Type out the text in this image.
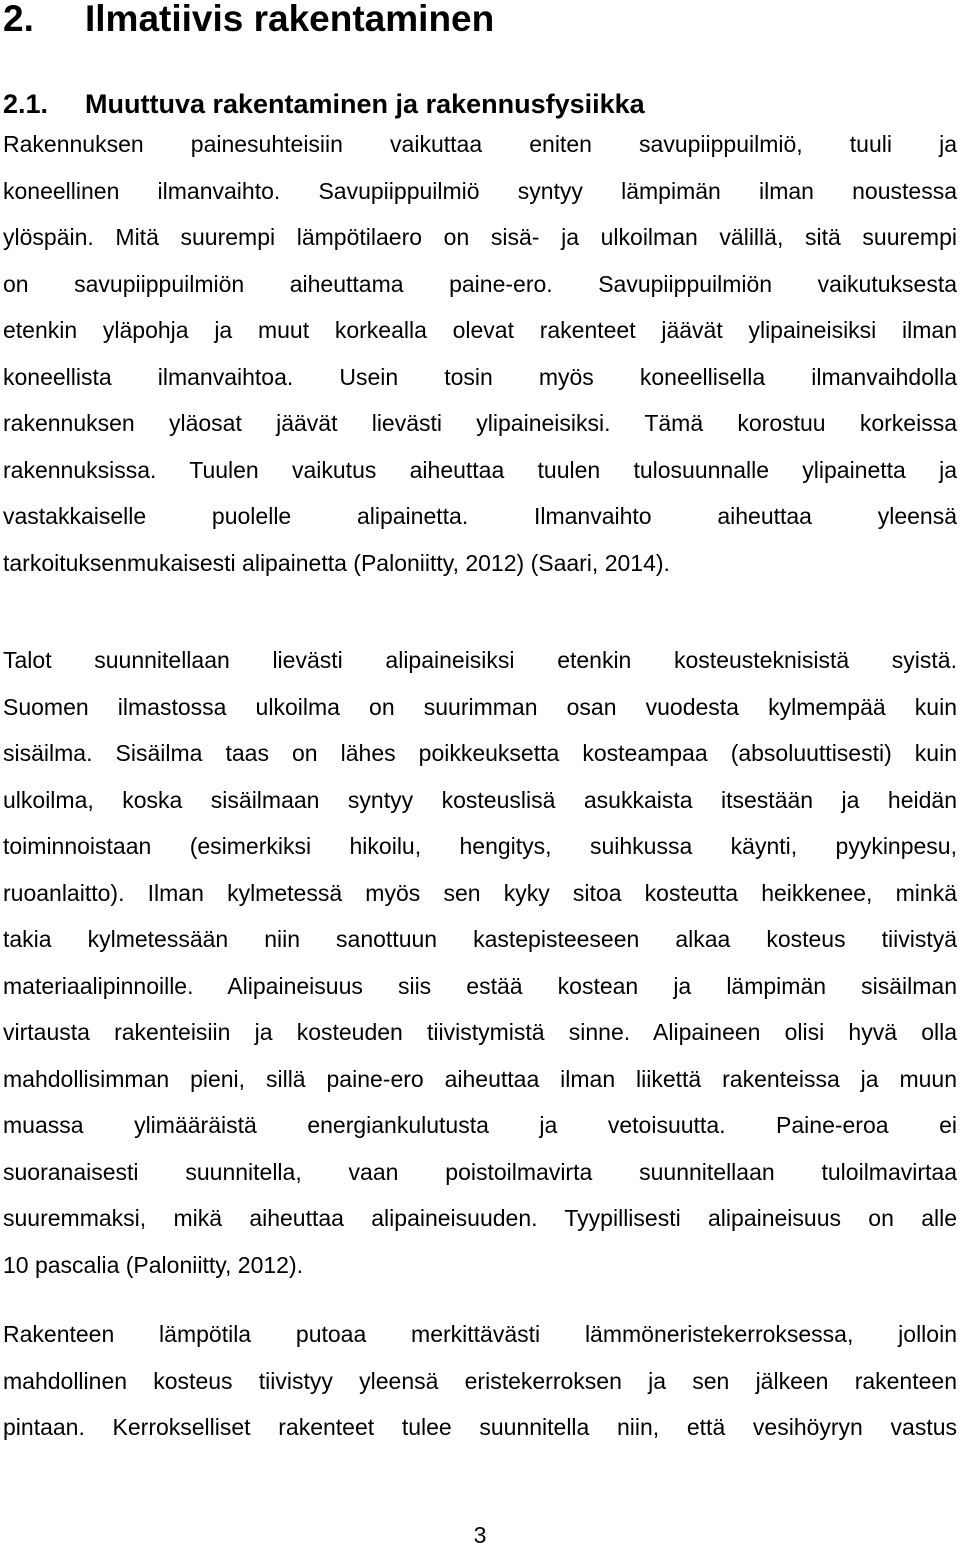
2. Ilmatiivis rakentaminen
2.1. Muuttuva rakentaminen ja rakennusfysiikka
Rakennuksen painesuhteisiin vaikuttaa eniten savupiippuilmiö, tuuli ja
koneellinen ilmanvaihto. Savupiippuilmiö syntyy lämpimän ilman noustessa
ylöspäin. Mitä suurempi lämpötilaero on sisä- ja ulkoilman välillä, sitä suurempi
on savupiippuilmiön aiheuttama paine-ero. Savupiippuilmiön vaikutuksesta
etenkin yläpohja ja muut korkealla olevat rakenteet jäävät ylipaineisiksi ilman
koneellista ilmanvaihtoa. Usein tosin myös koneellisella ilmanvaihdolla
rakennuksen yläosat jäävät lievästi ylipaineisiksi. Tämä korostuu korkeissa
rakennuksissa. Tuulen vaikutus aiheuttaa tuulen tulosuunnalle ylipainetta ja
vastakkaiselle puolelle alipainetta. Ilmanvaihto aiheuttaa yleensä
tarkoituksenmukaisesti alipainetta (Paloniitty, 2012) (Saari, 2014).
Talot suunnitellaan lievästi alipaineisiksi etenkin kosteusteknisistä syistä.
Suomen ilmastossa ulkoilma on suurimman osan vuodesta kylmempää kuin
sisäilma. Sisäilma taas on lähes poikkeuksetta kosteampaa (absoluuttisesti) kuin
ulkoilma, koska sisäilmaan syntyy kosteuslisä asukkaista itsestään ja heidän
toiminnoistaan (esimerkiksi hikoilu, hengitys, suihkussa käynti, pyykinpesu,
ruoanlaitto). Ilman kylmetessä myös sen kyky sitoa kosteutta heikkenee, minkä
takia kylmetessään niin sanottuun kastepisteeseen alkaa kosteus tiivistyä
materiaalipinnoille. Alipaineisuus siis estää kostean ja lämpimän sisäilman
virtausta rakenteisiin ja kosteuden tiivistymistä sinne. Alipaineen olisi hyvä olla
mahdollisimman pieni, sillä paine-ero aiheuttaa ilman liikettä rakenteissa ja muun
muassa ylimääräistä energiankulutusta ja vetoisuutta. Paine-eroa ei
suoranaisesti suunnitella, vaan poistoilmavirta suunnitellaan tuloilmavirtaa
suuremmaksi, mikä aiheuttaa alipaineisuuden. Tyypillisesti alipaineisuus on alle
10 pascalia (Paloniitty, 2012).
Rakenteen lämpötila putoaa merkittävästi lämmöneristekerroksessa, jolloin
mahdollinen kosteus tiivistyy yleensä eristekerroksen ja sen jälkeen rakenteen
pintaan. Kerrokselliset rakenteet tulee suunnitella niin, että vesihöyryn vastus
3
